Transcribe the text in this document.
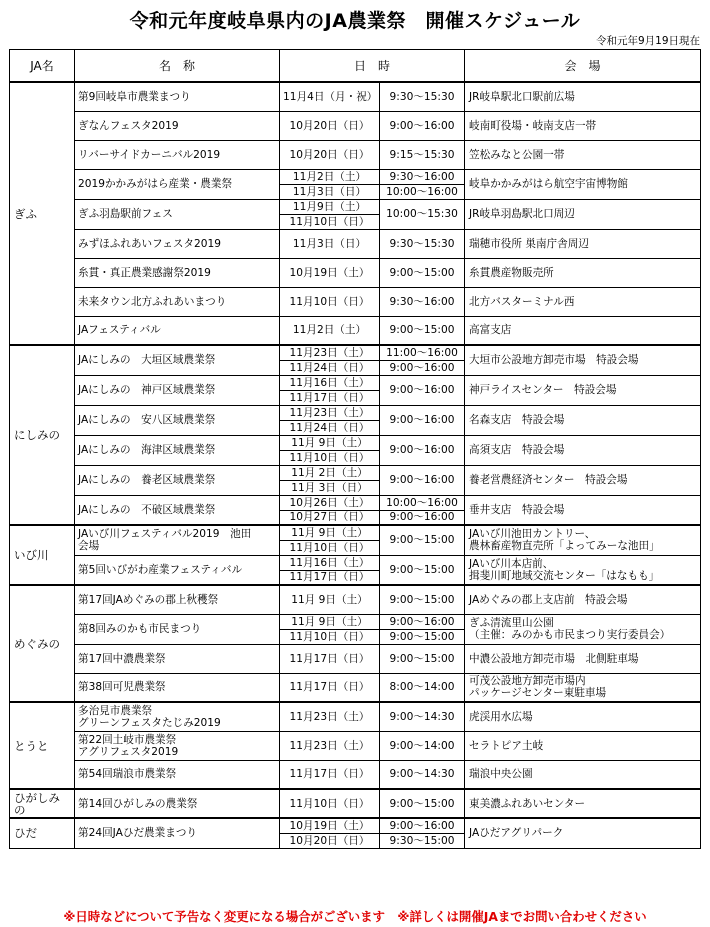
令和元年度岐阜県内のJA農業祭　開催スケジュール
令和元年9月19日現在
JA名	名　称	日　時		会　場
ぎふ	第9回岐阜市農業まつり	11月4日（月・祝）	9:30～15:30	JR岐阜駅北口駅前広場
	ぎなんフェスタ2019	10月20日（日）	9:00～16:00	岐南町役場・岐南支店一帯
	リバーサイドカーニバル2019	10月20日（日）	9:15～15:30	笠松みなと公園一帯
	2019かかみがはら産業・農業祭	11月2日（土）	9:30～16:00	岐阜かかみがはら航空宇宙博物館
		11月3日（日）	10:00～16:00	
	ぎふ羽島駅前フェス	11月9日（土）	10:00～15:30	JR岐阜羽島駅北口周辺
		11月10日（日）		
	みずほふれあいフェスタ2019	11月3日（日）	9:30～15:30	瑞穂市役所 巣南庁舎周辺
	糸貫・真正農業感謝祭2019	10月19日（土）	9:00～15:00	糸貫農産物販売所
	未来タウン北方ふれあいまつり	11月10日（日）	9:30～16:00	北方バスターミナル西
	JAフェスティバル	11月2日（土）	9:00～15:00	高富支店
にしみの	JAにしみの　大垣区域農業祭	11月23日（土）	11:00～16:00	大垣市公設地方卸売市場　特設会場
		11月24日（日）	9:00～16:00	
	JAにしみの　神戸区域農業祭	11月16日（土）	9:00～16:00	神戸ライスセンター　特設会場
		11月17日（日）		
	JAにしみの　安八区域農業祭	11月23日（土）	9:00～16:00	名森支店　特設会場
		11月24日（日）		
	JAにしみの　海津区域農業祭	11月 9日（土）	9:00～16:00	高須支店　特設会場
		11月10日（日）		
	JAにしみの　養老区域農業祭	11月 2日（土）	9:00～16:00	養老営農経済センター　特設会場
		11月 3日（日）		
	JAにしみの　不破区域農業祭	10月26日（土）	10:00～16:00	垂井支店　特設会場
		10月27日（日）	9:00～16:00	
いび川	JAいび川フェスティバル2019　池田
会場	11月 9日（土）	9:00～15:00	JAいび川池田カントリー、
農林畜産物直売所「よってみーな池田」
		11月10日（日）		
	第5回いびがわ産業フェスティバル	11月16日（土）	9:00～15:00	JAいび川本店前、
揖斐川町地域交流センター「はなもも」
		11月17日（日）		
めぐみの	第17回JAめぐみの郡上秋穫祭	11月 9日（土）	9:00～15:00	JAめぐみの郡上支店前　特設会場
	第8回みのかも市民まつり	11月 9日（土）	9:00～16:00	ぎふ清流里山公園
（主催：みのかも市民まつり実行委員会）
		11月10日（日）	9:00～15:00	
	第17回中濃農業祭	11月17日（日）	9:00～15:00	中濃公設地方卸売市場　北側駐車場
	第38回可児農業祭	11月17日（日）	8:00～14:00	可茂公設地方卸売市場内
パッケージセンター東駐車場
とうと	多治見市農業祭
グリーンフェスタたじみ2019	11月23日（土）	9:00～14:30	虎渓用水広場
	第22回土岐市農業祭
アグリフェスタ2019	11月23日（土）	9:00～14:00	セラトピア土岐
	第54回瑞浪市農業祭	11月17日（日）	9:00～14:30	瑞浪中央公園
ひがしみの	第14回ひがしみの農業祭	11月10日（日）	9:00～15:00	東美濃ふれあいセンター
ひだ	第24回JAひだ農業まつり	10月19日（土）	9:00～16:00	JAひだアグリパーク
		10月20日（日）	9:30～15:00	
※日時などについて予告なく変更になる場合がございます　※詳しくは開催JAまでお問い合わせください
